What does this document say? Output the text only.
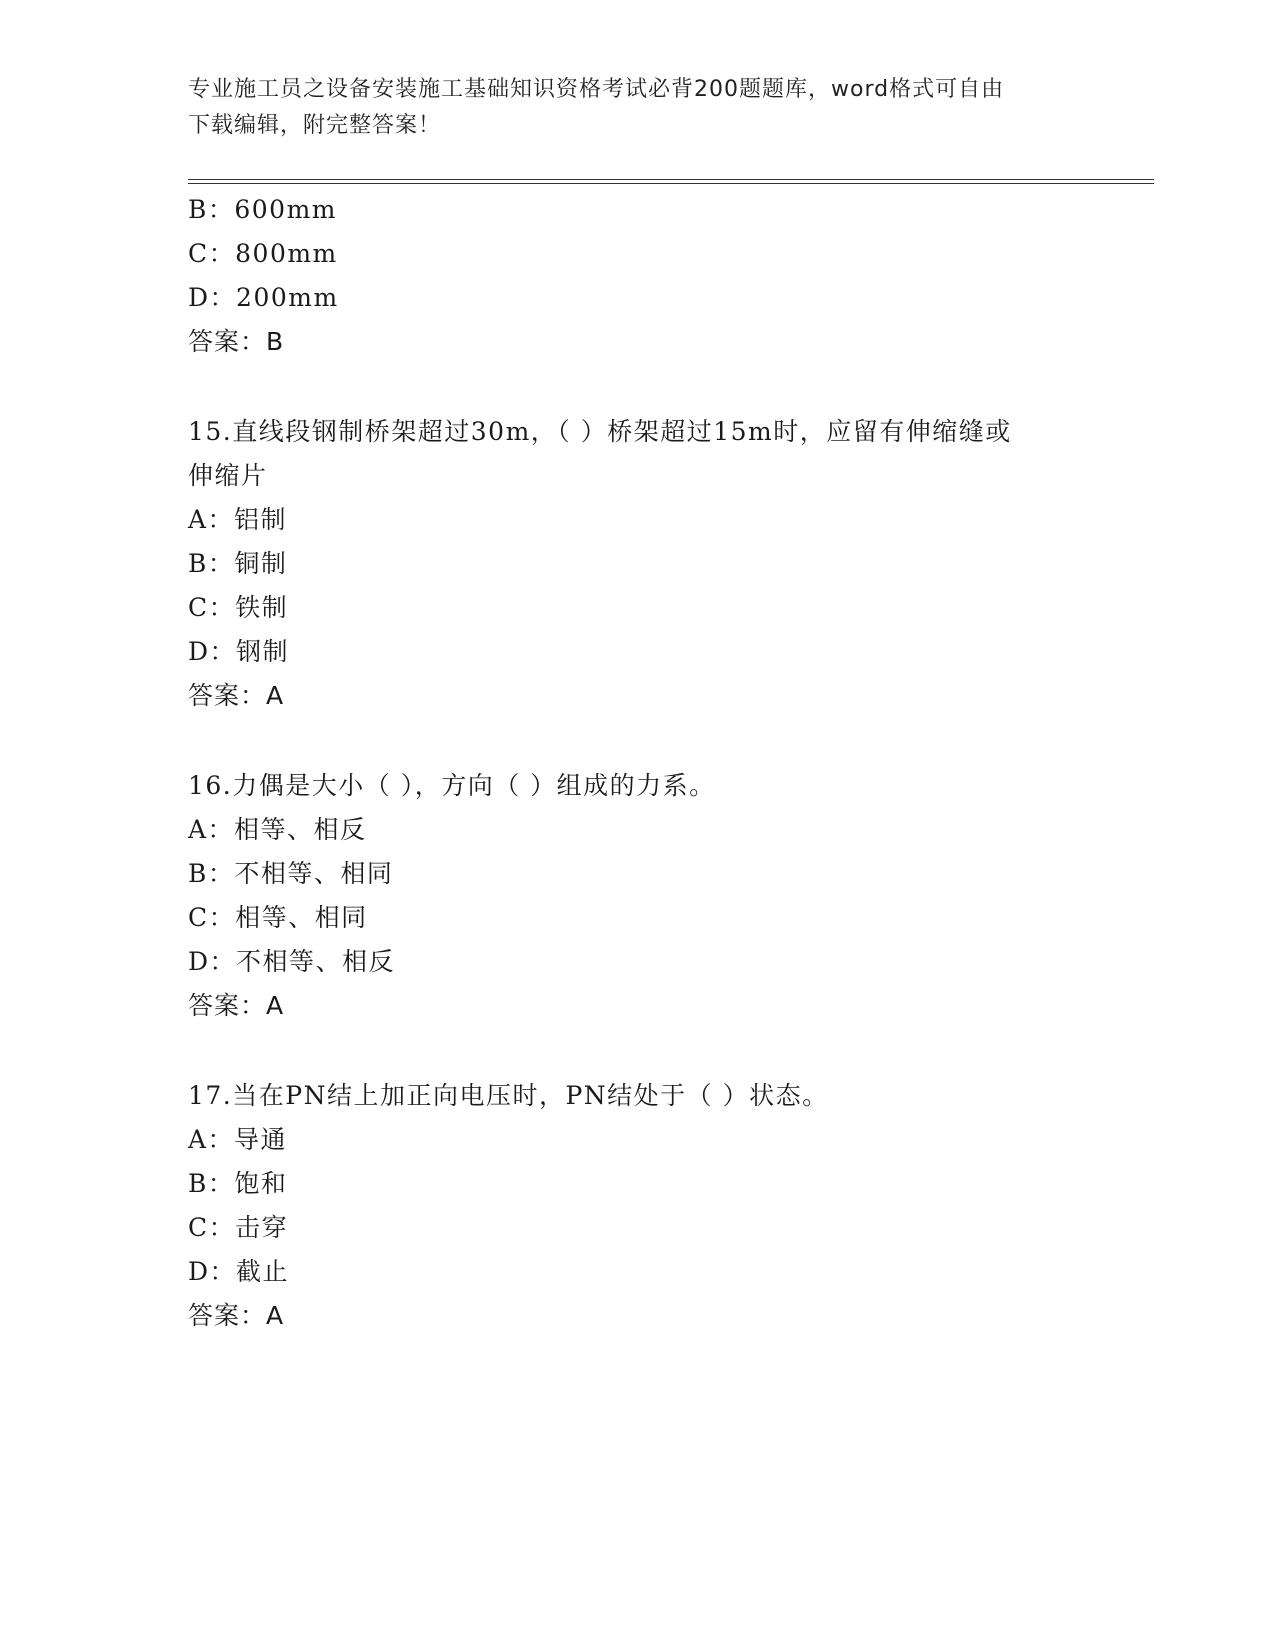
专业施工员之设备安装施工基础知识资格考试必背200题题库，word格式可自由
下载编辑，附完整答案！
B：600mm
C：800mm
D：200mm
答案：B
15.直线段钢制桥架超过30m，（ ）桥架超过15m时，应留有伸缩缝或
伸缩片
A：铝制
B：铜制
C：铁制
D：钢制
答案：A
16.力偶是大小（ ），方向（ ）组成的力系。
A：相等、相反
B：不相等、相同
C：相等、相同
D：不相等、相反
答案：A
17.当在PN结上加正向电压时，PN结处于（ ）状态。
A：导通
B：饱和
C：击穿
D：截止
答案：A
